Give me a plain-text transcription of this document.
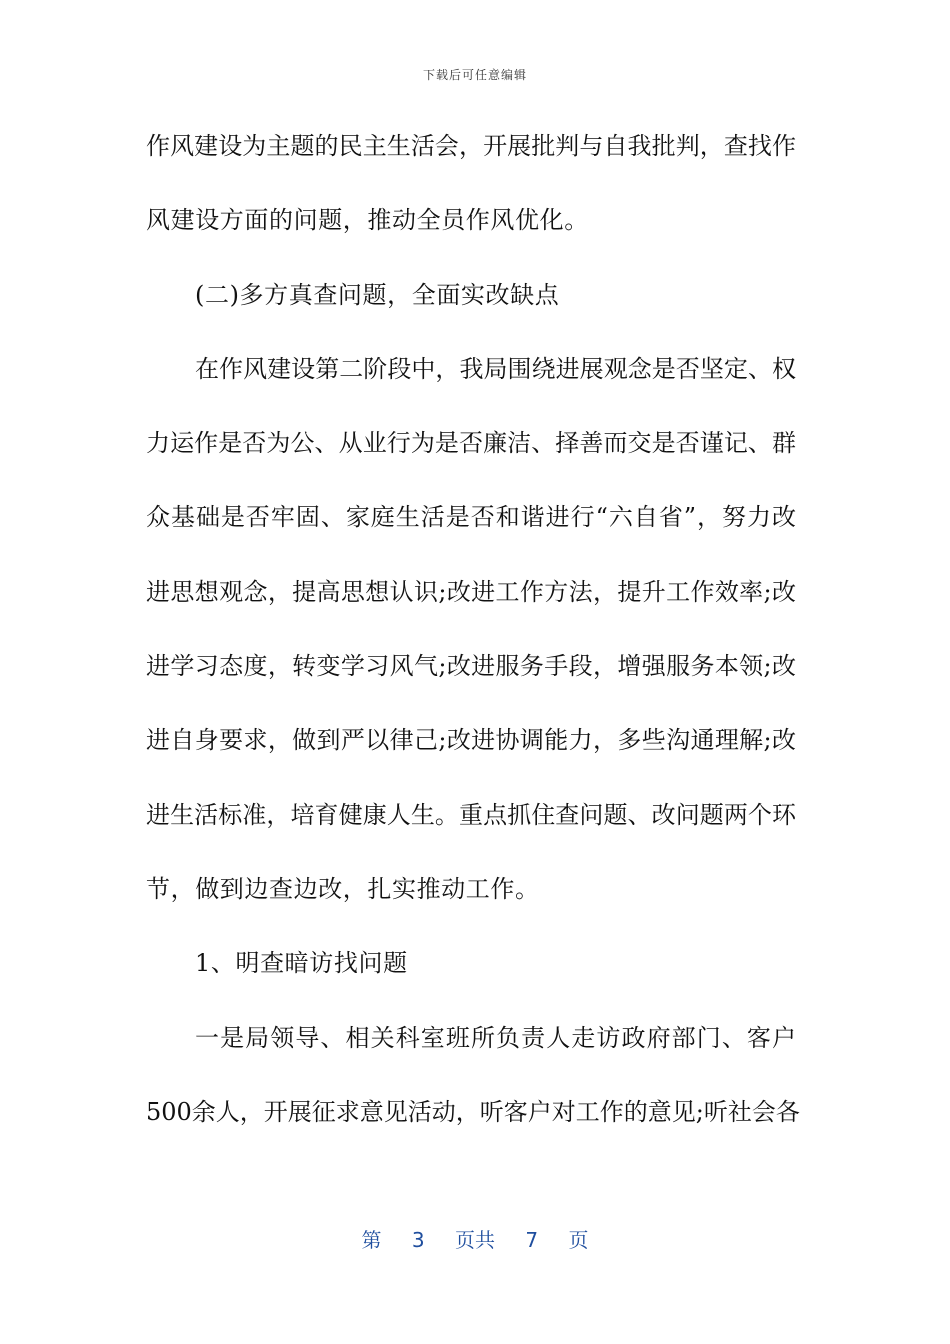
下载后可任意编辑
作风建设为主题的民主生活会，开展批判与自我批判，查找作
风建设方面的问题，推动全员作风优化。
(二)多方真查问题，全面实改缺点
在作风建设第二阶段中，我局围绕进展观念是否坚定、权
力运作是否为公、从业行为是否廉洁、择善而交是否谨记、群
众基础是否牢固、家庭生活是否和谐进行“六自省”，努力改
进思想观念，提高思想认识;改进工作方法，提升工作效率;改
进学习态度，转变学习风气;改进服务手段，增强服务本领;改
进自身要求，做到严以律己;改进协调能力，多些沟通理解;改
进生活标准，培育健康人生。重点抓住查问题、改问题两个环
节，做到边查边改，扎实推动工作。
1、明查暗访找问题
一是局领导、相关科室班所负责人走访政府部门、客户
500余人，开展征求意见活动，听客户对工作的意见;听社会各
第 3 页共 7 页
